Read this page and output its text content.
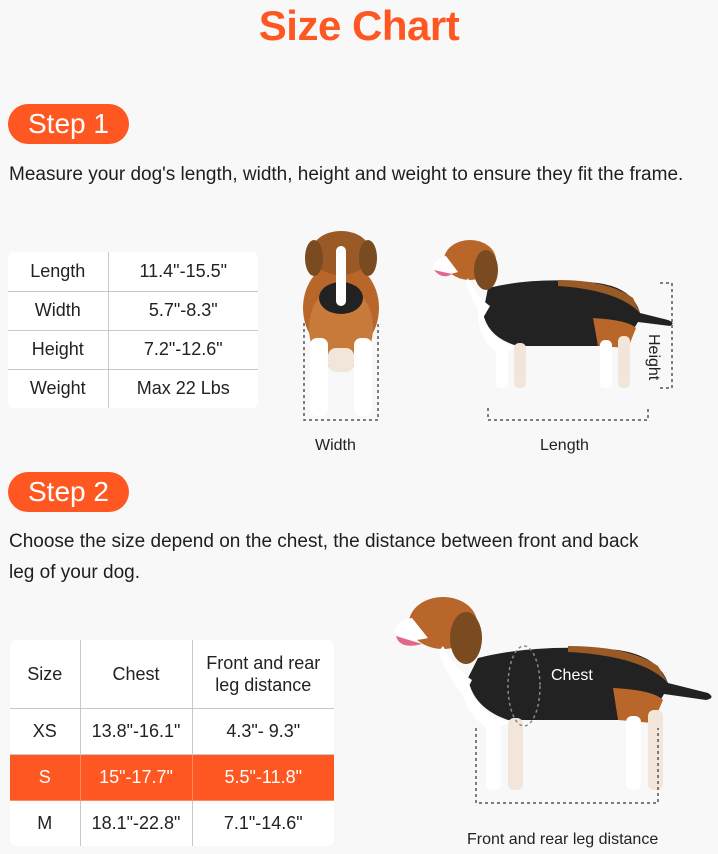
Size Chart
Step 1
Measure your dog's length, width, height and weight to ensure they fit the frame.
Length	11.4"-15.5"
Width	5.7"-8.3"
Height	7.2"-12.6"
Weight	Max 22 Lbs
Width	Length
Height
Step 2
Choose the size depend on the chest, the distance between front and back
leg of your dog.
Size	Chest	Front and rear
leg distance

XS	13.8"-16.1"	4.3"- 9.3"
S	15"-17.7"	5.5"-11.8"
M	18.1"-22.8"	7.1"-14.6"
Chest
Front and rear leg distance
